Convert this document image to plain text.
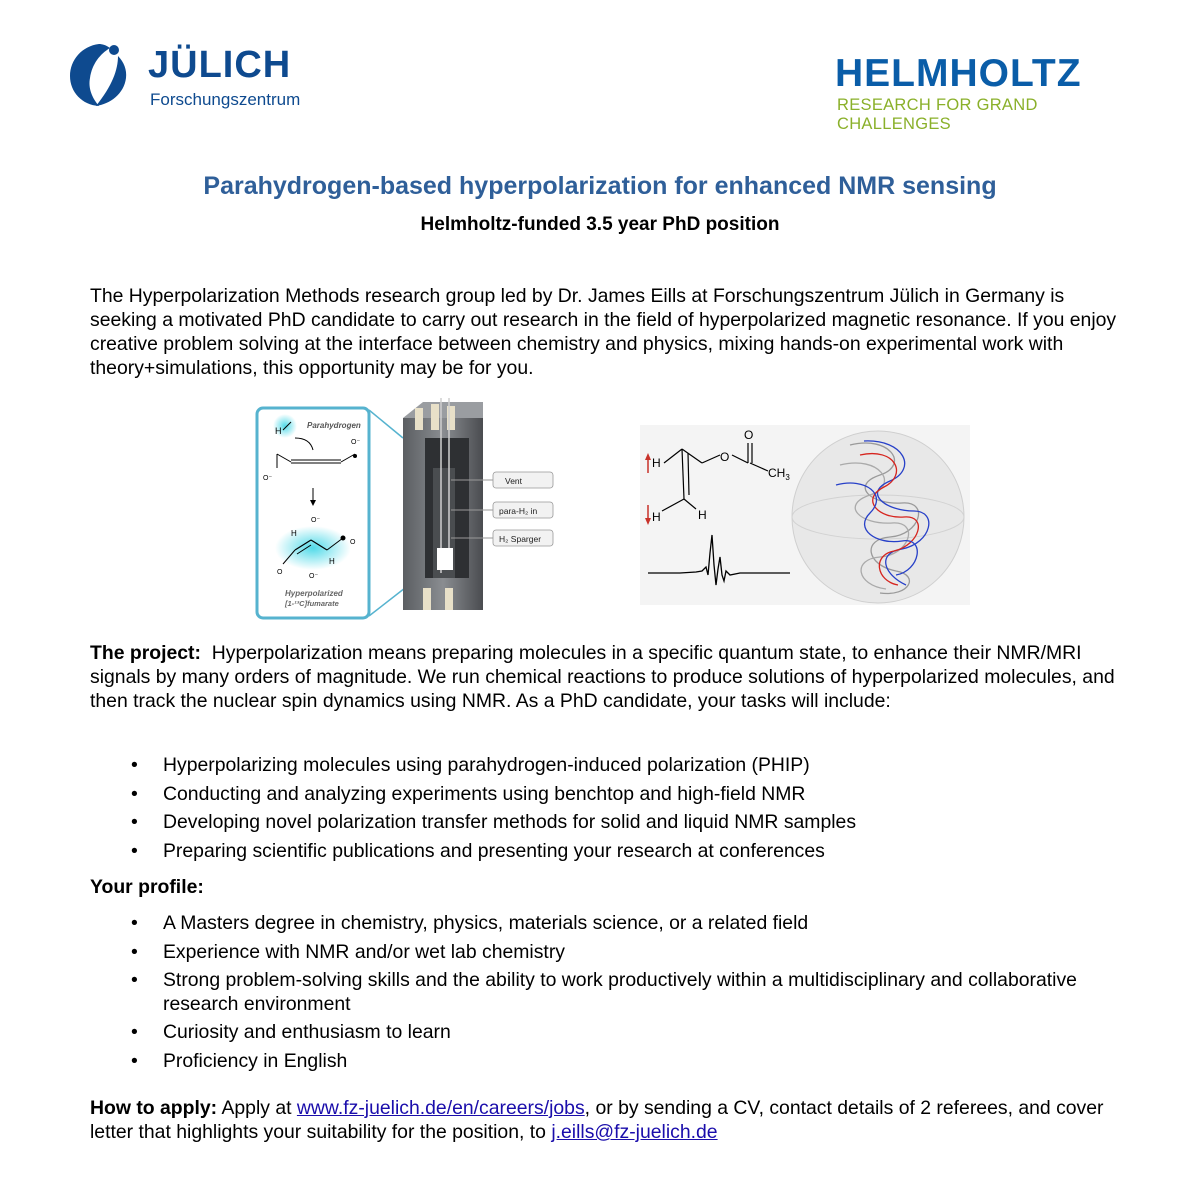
JÜLICH
Forschungszentrum
HELMHOLTZ
RESEARCH FOR GRAND CHALLENGES
Parahydrogen-based hyperpolarization for enhanced NMR sensing
Helmholtz-funded 3.5 year PhD position
The Hyperpolarization Methods research group led by Dr. James Eills at Forschungszentrum Jülich in Germany is seeking a motivated PhD candidate to carry out research in the field of hyperpolarized magnetic resonance. If you enjoy creative problem solving at the interface between chemistry and physics, mixing hands-on experimental work with theory+simulations, this opportunity may be for you.
H
Parahydrogen
O⁻
O⁻
H
H
O⁻
O⁻
O
O
Hyperpolarized
[1-¹³C]fumarate
Vent
para-H₂ in
H₂ Sparger
H
H	H
O
O
$CH_3$
The project: Hyperpolarization means preparing molecules in a specific quantum state, to enhance their NMR/MRI signals by many orders of magnitude. We run chemical reactions to produce solutions of hyperpolarized molecules, and then track the nuclear spin dynamics using NMR. As a PhD candidate, your tasks will include:
• Hyperpolarizing molecules using parahydrogen-induced polarization (PHIP)
• Conducting and analyzing experiments using benchtop and high-field NMR
• Developing novel polarization transfer methods for solid and liquid NMR samples
• Preparing scientific publications and presenting your research at conferences
Your profile:
• A Masters degree in chemistry, physics, materials science, or a related field
• Experience with NMR and/or wet lab chemistry
• Strong problem-solving skills and the ability to work productively within a multidisciplinary and collaborative research environment
• Curiosity and enthusiasm to learn
• Proficiency in English
How to apply: Apply at www.fz-juelich.de/en/careers/jobs, or by sending a CV, contact details of 2 referees, and cover letter that highlights your suitability for the position, to j.eills@fz-juelich.de
